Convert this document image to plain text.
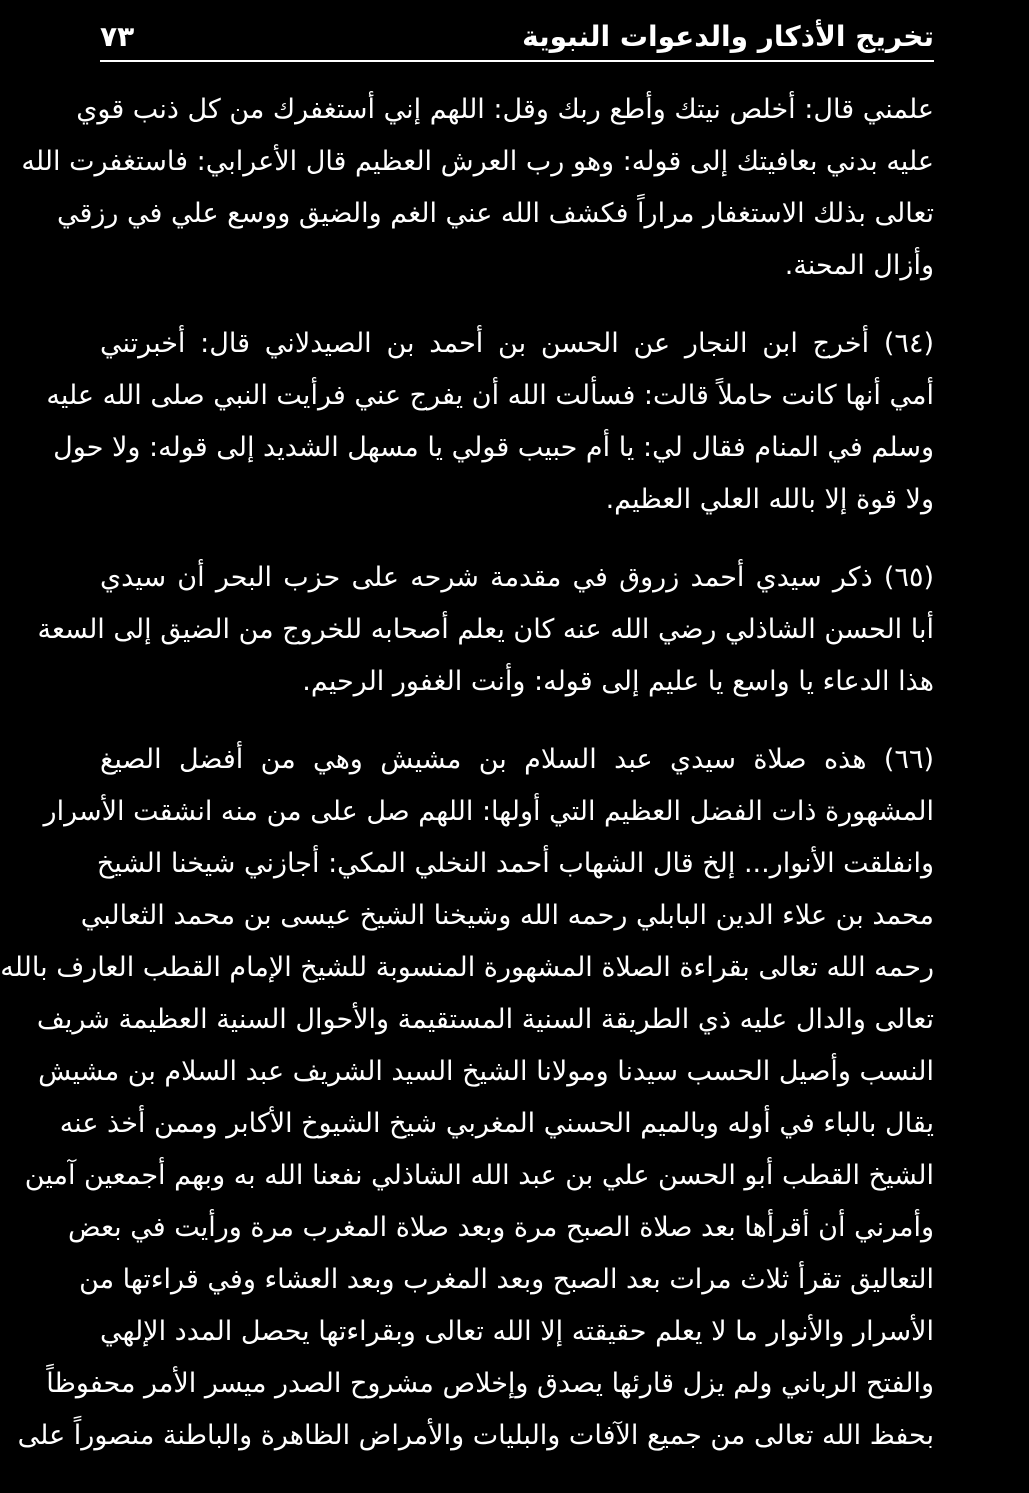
تخريج الأذكار والدعوات النبوية
٧٣
علمني قال: أخلص نيتك وأطع ربك وقل: اللهم إني أستغفرك من كل ذنب قوي
عليه بدني بعافيتك إلى قوله: وهو رب العرش العظيم قال الأعرابي: فاستغفرت الله
تعالى بذلك الاستغفار مراراً فكشف الله عني الغم والضيق ووسع علي في رزقي
وأزال المحنة.
(٦٤) أخرج ابن النجار عن الحسن بن أحمد بن الصيدلاني قال: أخبرتني
أمي أنها كانت حاملاً قالت: فسألت الله أن يفرج عني فرأيت النبي صلى الله عليه
وسلم في المنام فقال لي: يا أم حبيب قولي يا مسهل الشديد إلى قوله: ولا حول
ولا قوة إلا بالله العلي العظيم.
(٦٥) ذكر سيدي أحمد زروق في مقدمة شرحه على حزب البحر أن سيدي
أبا الحسن الشاذلي رضي الله عنه كان يعلم أصحابه للخروج من الضيق إلى السعة
هذا الدعاء يا واسع يا عليم إلى قوله: وأنت الغفور الرحيم.
(٦٦) هذه صلاة سيدي عبد السلام بن مشيش وهي من أفضل الصيغ
المشهورة ذات الفضل العظيم التي أولها: اللهم صل على من منه انشقت الأسرار
وانفلقت الأنوار... إلخ قال الشهاب أحمد النخلي المكي: أجازني شيخنا الشيخ
محمد بن علاء الدين البابلي رحمه الله وشيخنا الشيخ عيسى بن محمد الثعالبي
رحمه الله تعالى بقراءة الصلاة المشهورة المنسوبة للشيخ الإمام القطب العارف بالله
تعالى والدال عليه ذي الطريقة السنية المستقيمة والأحوال السنية العظيمة شريف
النسب وأصيل الحسب سيدنا ومولانا الشيخ السيد الشريف عبد السلام بن مشيش
يقال بالباء في أوله وبالميم الحسني المغربي شيخ الشيوخ الأكابر وممن أخذ عنه
الشيخ القطب أبو الحسن علي بن عبد الله الشاذلي نفعنا الله به وبهم أجمعين آمين
وأمرني أن أقرأها بعد صلاة الصبح مرة وبعد صلاة المغرب مرة ورأيت في بعض
التعاليق تقرأ ثلاث مرات بعد الصبح وبعد المغرب وبعد العشاء وفي قراءتها من
الأسرار والأنوار ما لا يعلم حقيقته إلا الله تعالى وبقراءتها يحصل المدد الإلهي
والفتح الرباني ولم يزل قارئها يصدق وإخلاص مشروح الصدر ميسر الأمر محفوظاً
بحفظ الله تعالى من جميع الآفات والبليات والأمراض الظاهرة والباطنة منصوراً على
